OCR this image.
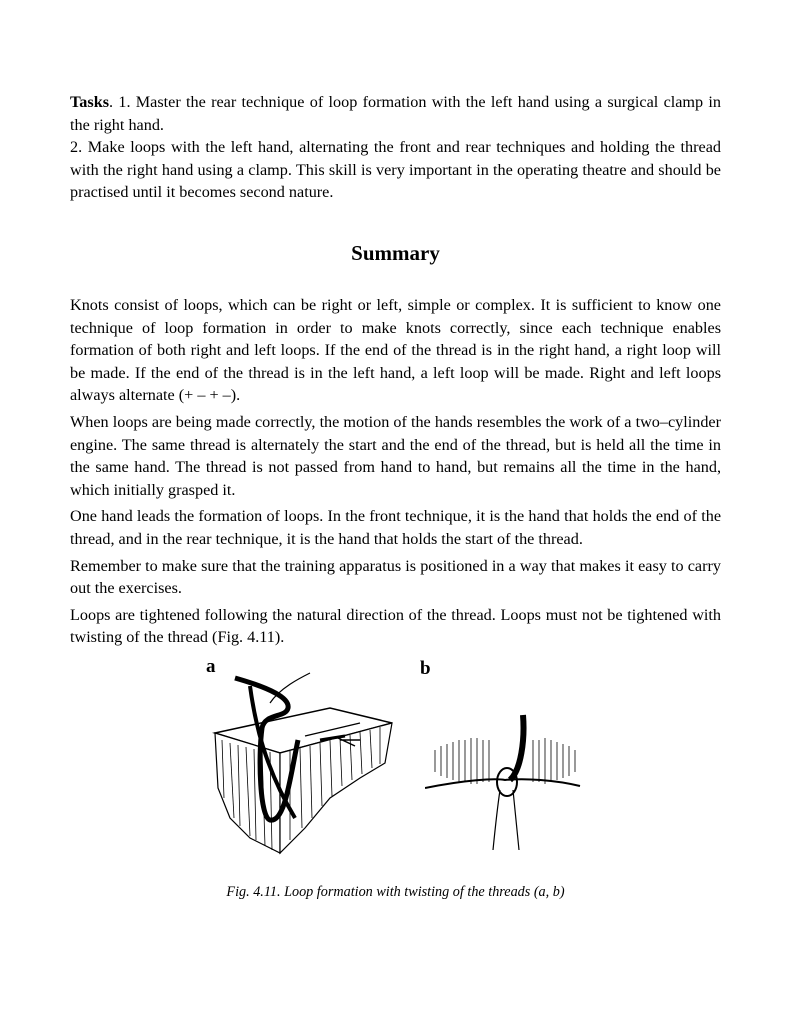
Tasks. 1. Master the rear technique of loop formation with the left hand using a surgical clamp in the right hand.

2. Make loops with the left hand, alternating the front and rear techniques and holding the thread with the right hand using a clamp. This skill is very important in the operating theatre and should be practised until it becomes second nature.

Summary

Knots consist of loops, which can be right or left, simple or complex. It is sufficient to know one technique of loop formation in order to make knots correctly, since each technique enables formation of both right and left loops. If the end of the thread is in the right hand, a right loop will be made. If the end of the thread is in the left hand, a left loop will be made. Right and left loops always alternate (+ – + –).

When loops are being made correctly, the motion of the hands resembles the work of a two–cylinder engine. The same thread is alternately the start and the end of the thread, but is held all the time in the same hand. The thread is not passed from hand to hand, but remains all the time in the hand, which initially grasped it.

One hand leads the formation of loops. In the front technique, it is the hand that holds the end of the thread, and in the rear technique, it is the hand that holds the start of the thread.

Remember to make sure that the training apparatus is positioned in a way that makes it easy to carry out the exercises.

Loops are tightened following the natural direction of the thread. Loops must not be tightened with twisting of the thread (Fig. 4.11).

a	b
Fig. 4.11. Loop formation with twisting of the threads (a, b)
